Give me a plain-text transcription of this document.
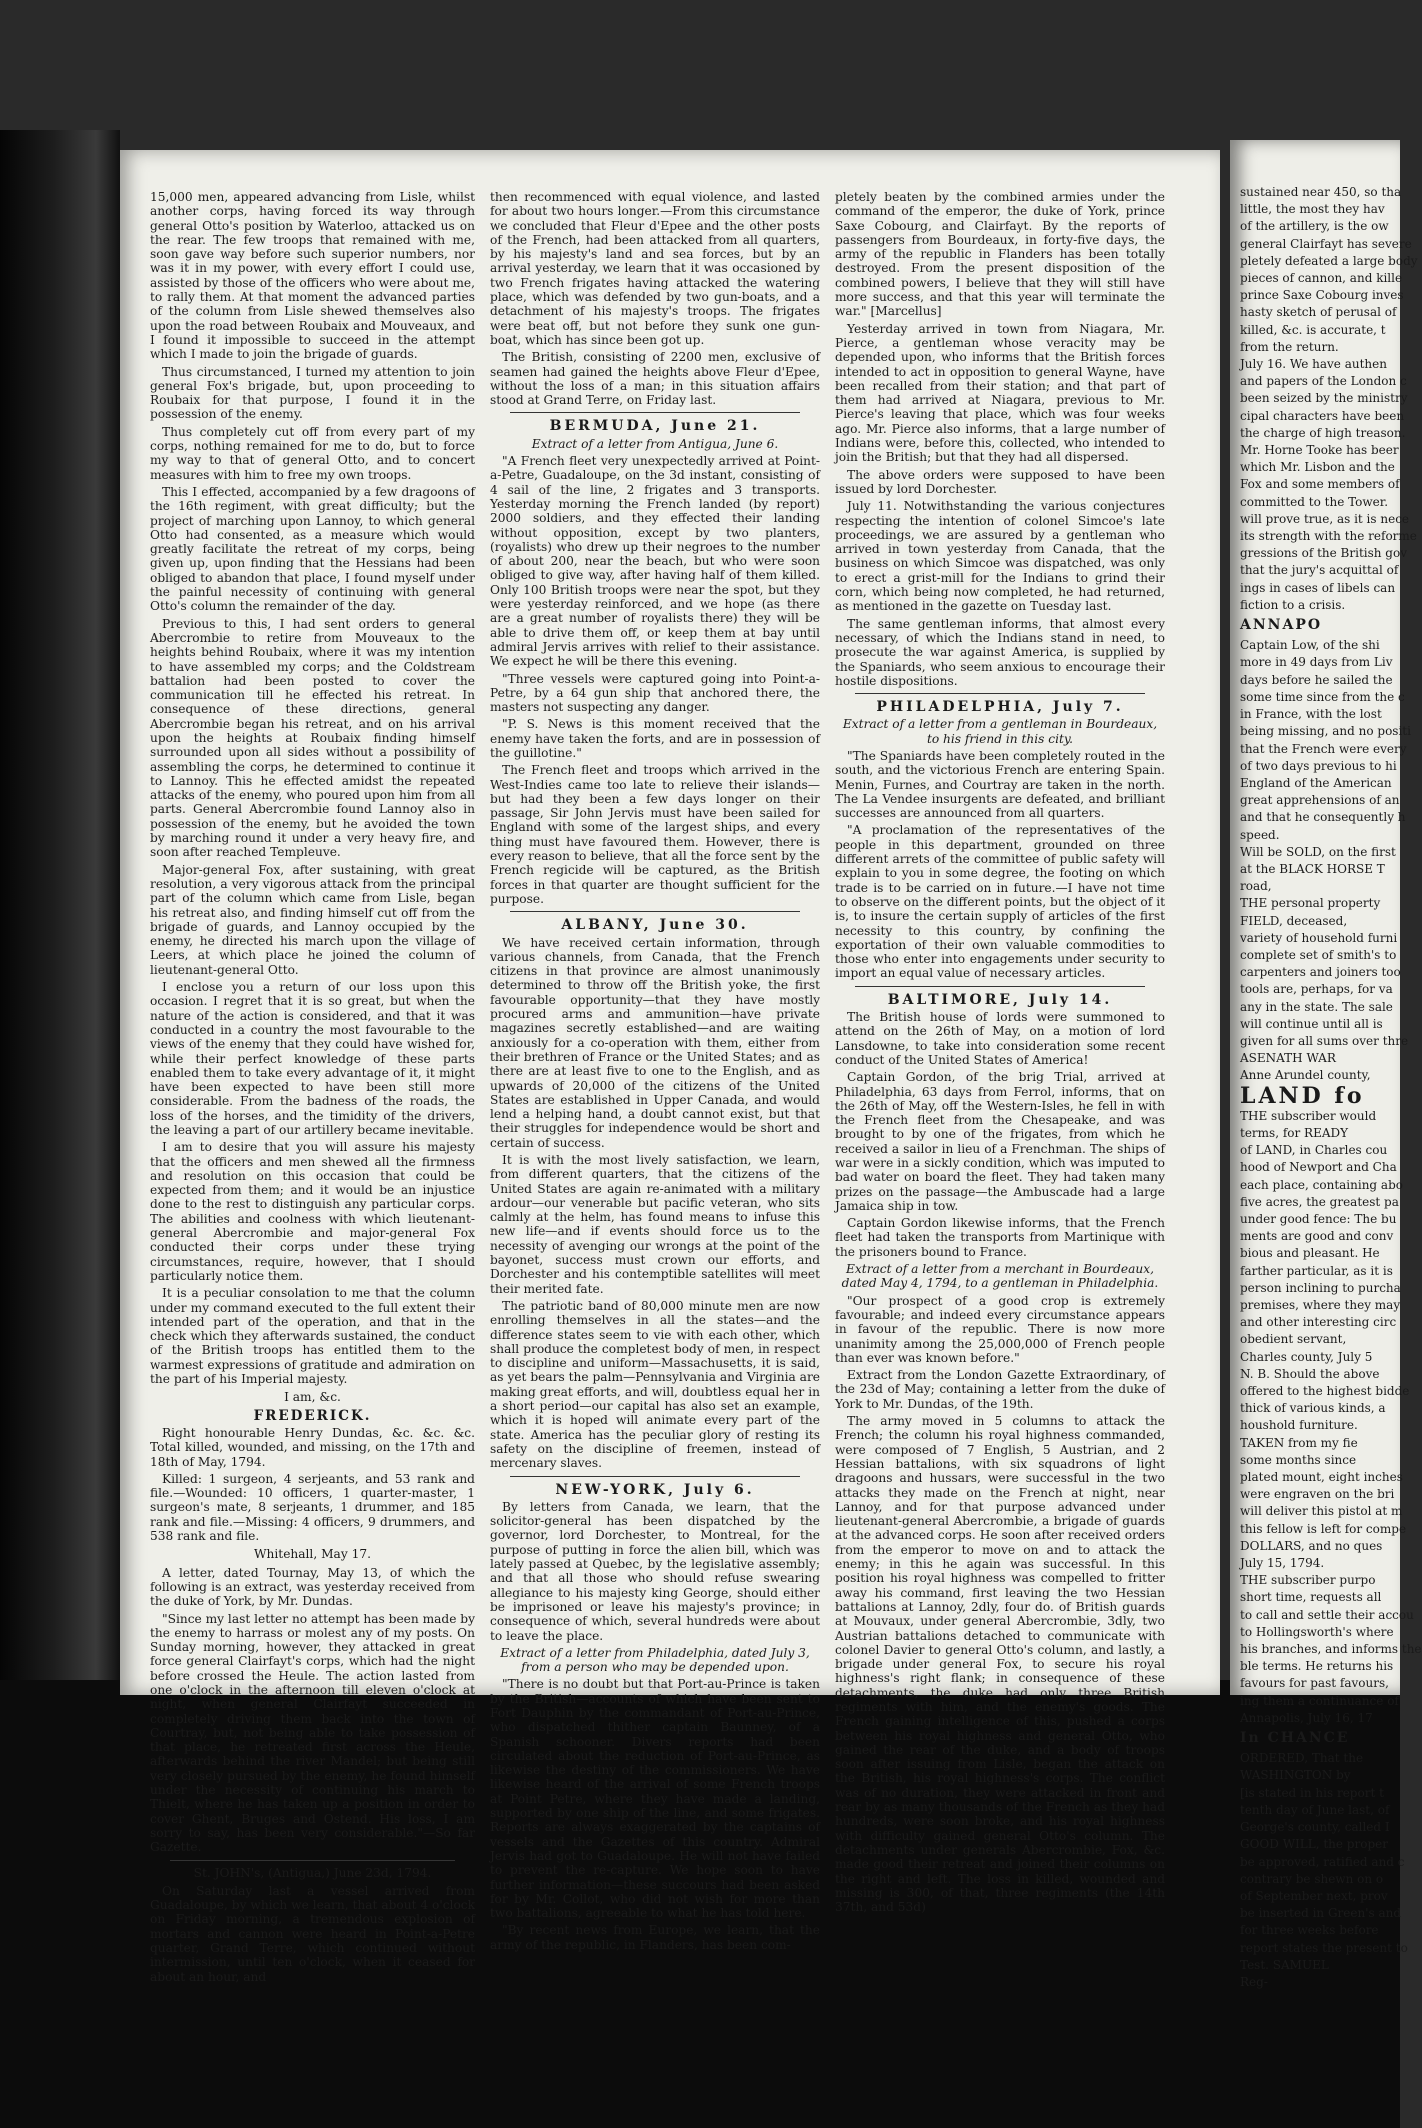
15,000 men, appeared advancing from Lisle, whilst another corps, having forced its way through general Otto's position by Waterloo, attacked us on the rear. The few troops that remained with me, soon gave way before such superior numbers, nor was it in my power, with every effort I could use, assisted by those of the officers who were about me, to rally them. At that moment the advanced parties of the column from Lisle shewed themselves also upon the road between Roubaix and Mouveaux, and I found it impossible to succeed in the attempt which I made to join the brigade of guards.

Thus circumstanced, I turned my attention to join general Fox's brigade, but, upon proceeding to Roubaix for that purpose, I found it in the possession of the enemy.

Thus completely cut off from every part of my corps, nothing remained for me to do, but to force my way to that of general Otto, and to concert measures with him to free my own troops.

This I effected, accompanied by a few dragoons of the 16th regiment, with great difficulty; but the project of marching upon Lannoy, to which general Otto had consented, as a measure which would greatly facilitate the retreat of my corps, being given up, upon finding that the Hessians had been obliged to abandon that place, I found myself under the painful necessity of continuing with general Otto's column the remainder of the day.

Previous to this, I had sent orders to general Abercrombie to retire from Mouveaux to the heights behind Roubaix, where it was my intention to have assembled my corps; and the Coldstream battalion had been posted to cover the communication till he effected his retreat. In consequence of these directions, general Abercrombie began his retreat, and on his arrival upon the heights at Roubaix finding himself surrounded upon all sides without a possibility of assembling the corps, he determined to continue it to Lannoy. This he effected amidst the repeated attacks of the enemy, who poured upon him from all parts. General Abercrombie found Lannoy also in possession of the enemy, but he avoided the town by marching round it under a very heavy fire, and soon after reached Templeuve.

Major-general Fox, after sustaining, with great resolution, a very vigorous attack from the principal part of the column which came from Lisle, began his retreat also, and finding himself cut off from the brigade of guards, and Lannoy occupied by the enemy, he directed his march upon the village of Leers, at which place he joined the column of lieutenant-general Otto.

I enclose you a return of our loss upon this occasion. I regret that it is so great, but when the nature of the action is considered, and that it was conducted in a country the most favourable to the views of the enemy that they could have wished for, while their perfect knowledge of these parts enabled them to take every advantage of it, it might have been expected to have been still more considerable. From the badness of the roads, the loss of the horses, and the timidity of the drivers, the leaving a part of our artillery became inevitable.

I am to desire that you will assure his majesty that the officers and men shewed all the firmness and resolution on this occasion that could be expected from them; and it would be an injustice done to the rest to distinguish any particular corps. The abilities and coolness with which lieutenant-general Abercrombie and major-general Fox conducted their corps under these trying circumstances, require, however, that I should particularly notice them.

It is a peculiar consolation to me that the column under my command executed to the full extent their intended part of the operation, and that in the check which they afterwards sustained, the conduct of the British troops has entitled them to the warmest expressions of gratitude and admiration on the part of his Imperial majesty.

I am, &c.
FREDERICK.

Right honourable Henry Dundas, &c. &c. &c. Total killed, wounded, and missing, on the 17th and 18th of May, 1794.

Killed: 1 surgeon, 4 serjeants, and 53 rank and file.—Wounded: 10 officers, 1 quarter-master, 1 surgeon's mate, 8 serjeants, 1 drummer, and 185 rank and file.—Missing: 4 officers, 9 drummers, and 538 rank and file.

Whitehall, May 17.

A letter, dated Tournay, May 13, of which the following is an extract, was yesterday received from the duke of York, by Mr. Dundas.

"Since my last letter no attempt has been made by the enemy to harrass or molest any of my posts. On Sunday morning, however, they attacked in great force general Clairfayt's corps, which had the night before crossed the Heule. The action lasted from one o'clock in the afternoon till eleven o'clock at night, when general Clairfayt succeeded in completely driving them back into the town of Courtray, but, not being able to take possession of that place, he retreated first across the Heule, afterwards behind the river Mandel; but being still very closely pursued by the enemy, he found himself under the necessity of continuing his march to Thielt, where he has taken up a position in order to cover Ghent, Bruges and Ostend. His loss, I am sorry to say, has been very considerable."—So far Gazette.

St. JOHN's, (Antigua,) June 23d, 1794.

On Saturday last a vessel arrived from Guadaloupe, by which we learn, that about 4 o'clock on Friday morning, a tremendous explosion of mortars and cannon were heard in Point-a-Petre quarter, Grand Terre, which continued without intermission, until ten o'clock, when it ceased for about an hour, and

then recommenced with equal violence, and lasted for about two hours longer.—From this circumstance we concluded that Fleur d'Epee and the other posts of the French, had been attacked from all quarters, by his majesty's land and sea forces, but by an arrival yesterday, we learn that it was occasioned by two French frigates having attacked the watering place, which was defended by two gun-boats, and a detachment of his majesty's troops. The frigates were beat off, but not before they sunk one gun-boat, which has since been got up.

The British, consisting of 2200 men, exclusive of seamen had gained the heights above Fleur d'Epee, without the loss of a man; in this situation affairs stood at Grand Terre, on Friday last.

BERMUDA, June 21.
Extract of a letter from Antigua, June 6.

"A French fleet very unexpectedly arrived at Point-a-Petre, Guadaloupe, on the 3d instant, consisting of 4 sail of the line, 2 frigates and 3 transports. Yesterday morning the French landed (by report) 2000 soldiers, and they effected their landing without opposition, except by two planters, (royalists) who drew up their negroes to the number of about 200, near the beach, but who were soon obliged to give way, after having half of them killed. Only 100 British troops were near the spot, but they were yesterday reinforced, and we hope (as there are a great number of royalists there) they will be able to drive them off, or keep them at bay until admiral Jervis arrives with relief to their assistance. We expect he will be there this evening.

"Three vessels were captured going into Point-a-Petre, by a 64 gun ship that anchored there, the masters not suspecting any danger.

"P. S. News is this moment received that the enemy have taken the forts, and are in possession of the guillotine."

The French fleet and troops which arrived in the West-Indies came too late to relieve their islands—but had they been a few days longer on their passage, Sir John Jervis must have been sailed for England with some of the largest ships, and every thing must have favoured them. However, there is every reason to believe, that all the force sent by the French regicide will be captured, as the British forces in that quarter are thought sufficient for the purpose.

ALBANY, June 30.

We have received certain information, through various channels, from Canada, that the French citizens in that province are almost unanimously determined to throw off the British yoke, the first favourable opportunity—that they have mostly procured arms and ammunition—have private magazines secretly established—and are waiting anxiously for a co-operation with them, either from their brethren of France or the United States; and as there are at least five to one to the English, and as upwards of 20,000 of the citizens of the United States are established in Upper Canada, and would lend a helping hand, a doubt cannot exist, but that their struggles for independence would be short and certain of success.

It is with the most lively satisfaction, we learn, from different quarters, that the citizens of the United States are again re-animated with a military ardour—our venerable but pacific veteran, who sits calmly at the helm, has found means to infuse this new life—and if events should force us to the necessity of avenging our wrongs at the point of the bayonet, success must crown our efforts, and Dorchester and his contemptible satellites will meet their merited fate.

The patriotic band of 80,000 minute men are now enrolling themselves in all the states—and the difference states seem to vie with each other, which shall produce the completest body of men, in respect to discipline and uniform—Massachusetts, it is said, as yet bears the palm—Pennsylvania and Virginia are making great efforts, and will, doubtless equal her in a short period—our capital has also set an example, which it is hoped will animate every part of the state. America has the peculiar glory of resting its safety on the discipline of freemen, instead of mercenary slaves.

NEW-YORK, July 6.

By letters from Canada, we learn, that the solicitor-general has been dispatched by the governor, lord Dorchester, to Montreal, for the purpose of putting in force the alien bill, which was lately passed at Quebec, by the legislative assembly; and that all those who should refuse swearing allegiance to his majesty king George, should either be imprisoned or leave his majesty's province; in consequence of which, several hundreds were about to leave the place.

Extract of a letter from Philadelphia, dated July 3, from a person who may be depended upon.

"There is no doubt but that Port-au-Prince is taken by the British—accounts of which have been sent to Fort Dauphin by the commandant of Port-au-Prince, who dispatched thither captain Baunney, of a Spanish schooner. Divers reports had been circulated about the reduction of Port-au-Prince, as likewise the destiny of the commissioners. We have likewise heard of the arrival of some French troops at Point Petre, where they have made a landing, supported by one ship of the line, and some frigates. Reports are always exaggerated by the captains of vessels and the Gazettes of this country. Admiral Jervis had got to Guadaloupe. He will not have failed to prevent the re-capture. We hope soon to have further information—these succours had been asked for by Mr. Collot, who did not wish for more than two battalions, agreeable to what he has told here.

"By recent news from Europe, we learn, that the army of the republic, in Flanders, has been com-

pletely beaten by the combined armies under the command of the emperor, the duke of York, prince Saxe Cobourg, and Clairfayt. By the reports of passengers from Bourdeaux, in forty-five days, the army of the republic in Flanders has been totally destroyed. From the present disposition of the combined powers, I believe that they will still have more success, and that this year will terminate the war." [Marcellus]

Yesterday arrived in town from Niagara, Mr. Pierce, a gentleman whose veracity may be depended upon, who informs that the British forces intended to act in opposition to general Wayne, have been recalled from their station; and that part of them had arrived at Niagara, previous to Mr. Pierce's leaving that place, which was four weeks ago. Mr. Pierce also informs, that a large number of Indians were, before this, collected, who intended to join the British; but that they had all dispersed.

The above orders were supposed to have been issued by lord Dorchester.

July 11. Notwithstanding the various conjectures respecting the intention of colonel Simcoe's late proceedings, we are assured by a gentleman who arrived in town yesterday from Canada, that the business on which Simcoe was dispatched, was only to erect a grist-mill for the Indians to grind their corn, which being now completed, he had returned, as mentioned in the gazette on Tuesday last.

The same gentleman informs, that almost every necessary, of which the Indians stand in need, to prosecute the war against America, is supplied by the Spaniards, who seem anxious to encourage their hostile dispositions.

PHILADELPHIA, July 7.
Extract of a letter from a gentleman in Bourdeaux, to his friend in this city.

"The Spaniards have been completely routed in the south, and the victorious French are entering Spain. Menin, Furnes, and Courtray are taken in the north. The La Vendee insurgents are defeated, and brilliant successes are announced from all quarters.

"A proclamation of the representatives of the people in this department, grounded on three different arrets of the committee of public safety will explain to you in some degree, the footing on which trade is to be carried on in future.—I have not time to observe on the different points, but the object of it is, to insure the certain supply of articles of the first necessity to this country, by confining the exportation of their own valuable commodities to those who enter into engagements under security to import an equal value of necessary articles.

BALTIMORE, July 14.

The British house of lords were summoned to attend on the 26th of May, on a motion of lord Lansdowne, to take into consideration some recent conduct of the United States of America!

Captain Gordon, of the brig Trial, arrived at Philadelphia, 63 days from Ferrol, informs, that on the 26th of May, off the Western-Isles, he fell in with the French fleet from the Chesapeake, and was brought to by one of the frigates, from which he received a sailor in lieu of a Frenchman. The ships of war were in a sickly condition, which was imputed to bad water on board the fleet. They had taken many prizes on the passage—the Ambuscade had a large Jamaica ship in tow.

Captain Gordon likewise informs, that the French fleet had taken the transports from Martinique with the prisoners bound to France.

Extract of a letter from a merchant in Bourdeaux, dated May 4, 1794, to a gentleman in Philadelphia.

"Our prospect of a good crop is extremely favourable; and indeed every circumstance appears in favour of the republic. There is now more unanimity among the 25,000,000 of French people than ever was known before."

Extract from the London Gazette Extraordinary, of the 23d of May; containing a letter from the duke of York to Mr. Dundas, of the 19th.

The army moved in 5 columns to attack the French; the column his royal highness commanded, were composed of 7 English, 5 Austrian, and 2 Hessian battalions, with six squadrons of light dragoons and hussars, were successful in the two attacks they made on the French at night, near Lannoy, and for that purpose advanced under lieutenant-general Abercrombie, a brigade of guards at the advanced corps. He soon after received orders from the emperor to move on and to attack the enemy; in this he again was successful. In this position his royal highness was compelled to fritter away his command, first leaving the two Hessian battalions at Lannoy, 2dly, four do. of British guards at Mouvaux, under general Abercrombie, 3dly, two Austrian battalions detached to communicate with colonel Davier to general Otto's column, and lastly, a brigade under general Fox, to secure his royal highness's right flank; in consequence of these detachments, the duke had only three British regiments with him, and the enemy's goods. The French gaining intelligence of this, pushed a corps between his royal highness and general Otto, who gained the rear of the duke, and a body of troops soon after issuing from Lisle, began the attack on the British, his royal highness's corps. The conflict was of no duration, they were attacked in front and rear by as many thousands of the French as they had hundreds, were soon broke, and his royal highness with difficulty gained general Otto's column. The detachments under generals Abercrombie, Fox, &c. made good their retreat and joined their columns on the right and left. The loss in killed, wounded and missing is 300, of that, three regiments (the 14th 37th, and 53d)

sustained near 450, so tha

little, the most they hav

of the artillery, is the ow

general Clairfayt has severe

pletely defeated a large body

pieces of cannon, and kille

prince Saxe Cobourg inves

hasty sketch of perusal of

killed, &c. is accurate, t

from the return.

July 16. We have authen

and papers of the London c

been seized by the ministry

cipal characters have been

the charge of high treason.

Mr. Horne Tooke has beer

which Mr. Lisbon and the

Fox and some members of

committed to the Tower.

will prove true, as it is nece

its strength with the reforme

gressions of the British gov

that the jury's acquittal of

ings in cases of libels can

fiction to a crisis.

ANNAPO

Captain Low, of the shi

more in 49 days from Liv

days before he sailed the

some time since from the c

in France, with the lost

being missing, and no positi

that the French were every

of two days previous to hi

England of the American

great apprehensions of an

and that he consequently h

speed.

Will be SOLD, on the first

at the BLACK HORSE T

road,

THE personal property

FIELD, deceased,

variety of household furni

complete set of smith's to

carpenters and joiners too

tools are, perhaps, for va

any in the state. The sale

will continue until all is

given for all sums over thre

ASENATH WAR

Anne Arundel county,

LAND fo

THE subscriber would

terms, for READY

of LAND, in Charles cou

hood of Newport and Cha

each place, containing abo

five acres, the greatest pa

under good fence: The bu

ments are good and conv

bious and pleasant. He

farther particular, as it is

person inclining to purcha

premises, where they may

and other interesting circ

obedient servant,

Charles county, July 5

N. B. Should the above

offered to the highest bidde

thick of various kinds, a

houshold furniture.

TAKEN from my fie

some months since

plated mount, eight inches

were engraven on the bri

will deliver this pistol at m

this fellow is left for compe

DOLLARS, and no ques

July 15, 1794.

THE subscriber purpo

short time, requests all

to call and settle their accou

to Hollingsworth's where

his branches, and informs the

ble terms. He returns his

favours for past favours,

ing them a continuance of

Annapolis, July 16, 17

In CHANCE

ORDERED, That the

WASHINGTON by

[is stated in his report t

tenth day of June last, of

George's county, called I

GOOD WILL, the proper

be approved, ratified and c

contrary be shewn on o

of September next, prov

be inserted in Green's and

for three weeks before

report states the present to

Test. SAMUEL

Reg-
